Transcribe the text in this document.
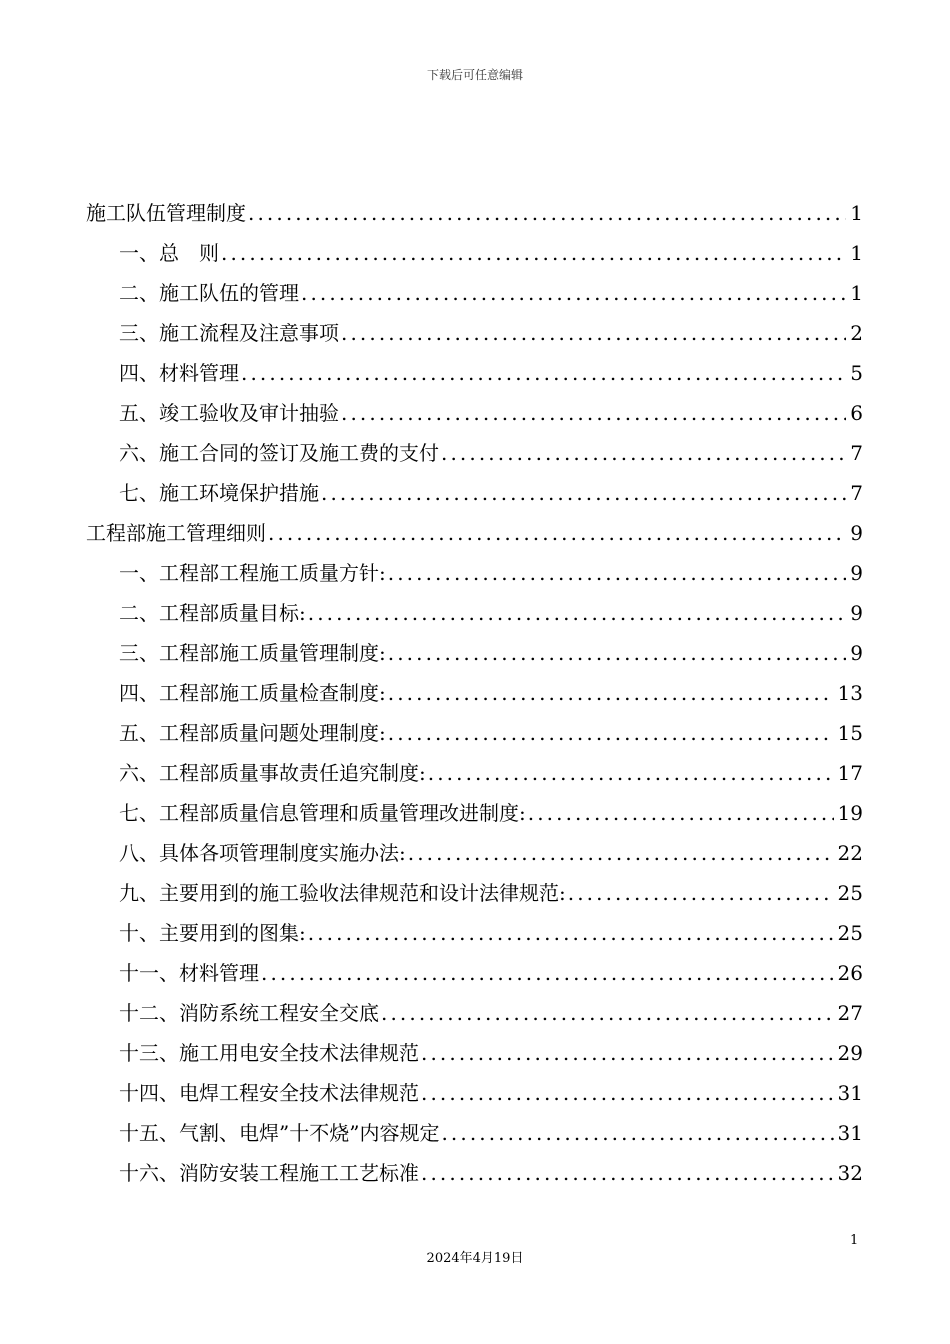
下载后可任意编辑
施工队伍管理制度 .....	1
一、总　则 .....	1
二、施工队伍的管理 .....	1
三、施工流程及注意事项 .....	2
四、材料管理 .....	5
五、竣工验收及审计抽验 .....	6
六、施工合同的签订及施工费的支付 .....	7
七、施工环境保护措施 .....	7
工程部施工管理细则 .....	9
一、工程部工程施工质量方针: .....	9
二、工程部质量目标: .....	9
三、工程部施工质量管理制度: .....	9
四、工程部施工质量检查制度: .....	13
五、工程部质量问题处理制度: .....	15
六、工程部质量事故责任追究制度: .....	17
七、工程部质量信息管理和质量管理改进制度: .....	19
八、具体各项管理制度实施办法: .....	22
九、主要用到的施工验收法律规范和设计法律规范: .....	25
十、主要用到的图集: .....	25
十一、材料管理 .....	26
十二、消防系统工程安全交底 .....	27
十三、施工用电安全技术法律规范 .....	29
十四、电焊工程安全技术法律规范 .....	31
十五、气割、电焊”十不烧”内容规定 .....	31
十六、消防安装工程施工工艺标准 .....	32
1
2024年4月19日
